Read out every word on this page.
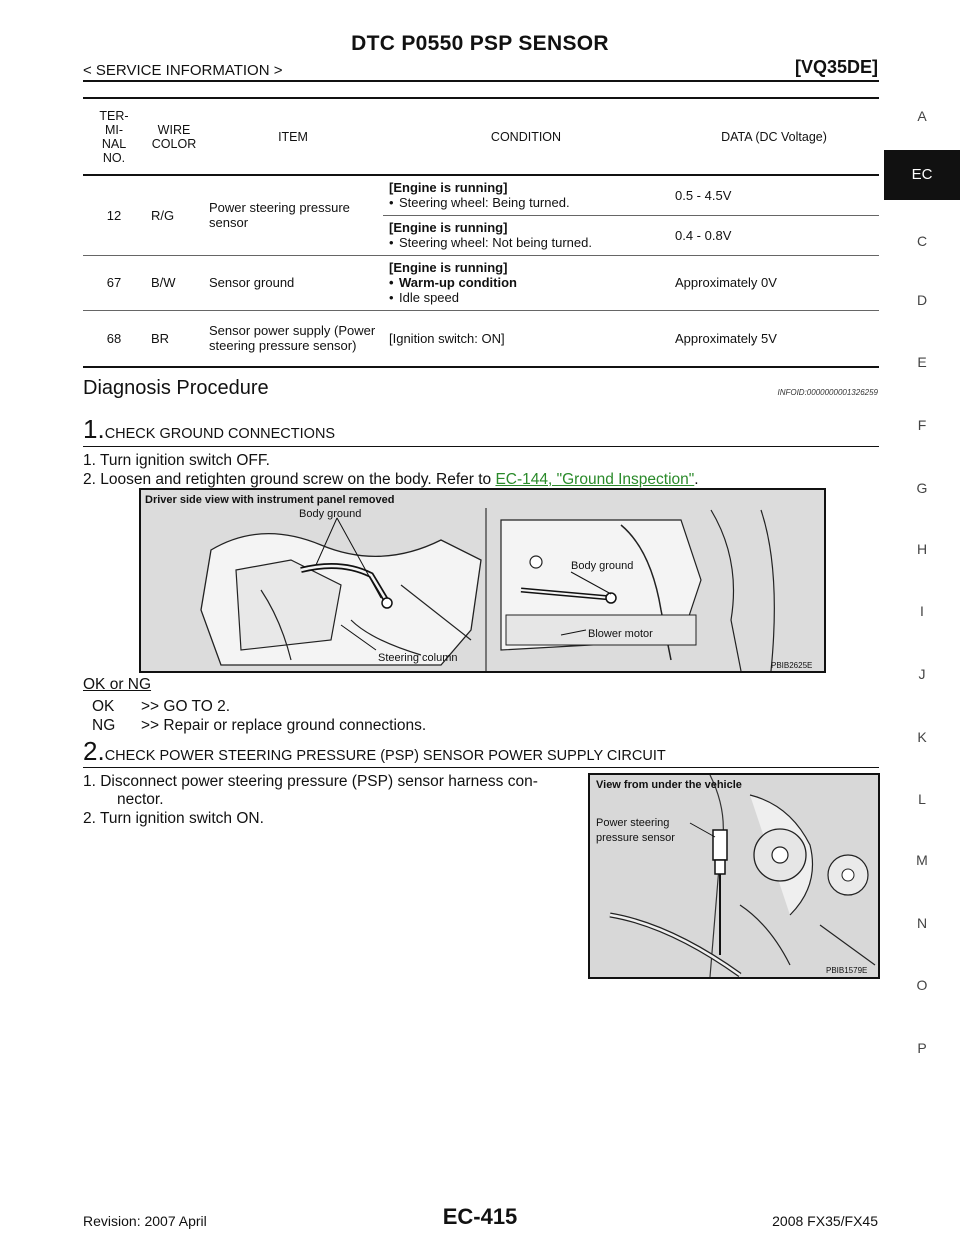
DTC P0550 PSP SENSOR
< SERVICE INFORMATION >	[VQ35DE]
A
EC
C
D
E
F
G
H
I
J
K
L
M
N
O
P
TER-
MI-
NAL
NO.	WIRE
COLOR	ITEM	CONDITION	DATA (DC Voltage)
12	R/G	Power steering pressure sensor	[Engine is running]
• Steering wheel: Being turned.	0.5 - 4.5V
			[Engine is running]
• Steering wheel: Not being turned.	0.4 - 0.8V
67	B/W	Sensor ground	[Engine is running]
• Warm-up condition
• Idle speed	Approximately 0V
68	BR	Sensor power supply (Power steering pressure sensor)	[Ignition switch: ON]	Approximately 5V
Diagnosis Procedure	INFOID:0000000001326259
1.CHECK GROUND CONNECTIONS
1. Turn ignition switch OFF.
2. Loosen and retighten ground screw on the body. Refer to EC-144, "Ground Inspection".
Driver side view with instrument panel removed
Body ground
Steering column
Body ground
Blower motor
PBIB2625E
OK or NG
OK >> GO TO 2.
NG >> Repair or replace ground connections.
2.CHECK POWER STEERING PRESSURE (PSP) SENSOR POWER SUPPLY CIRCUIT
1. Disconnect power steering pressure (PSP) sensor harness con-
nector.
2. Turn ignition switch ON.
View from under the vehicle
Power steering
pressure sensor
PBIB1579E
Revision: 2007 April	EC-415	2008 FX35/FX45
